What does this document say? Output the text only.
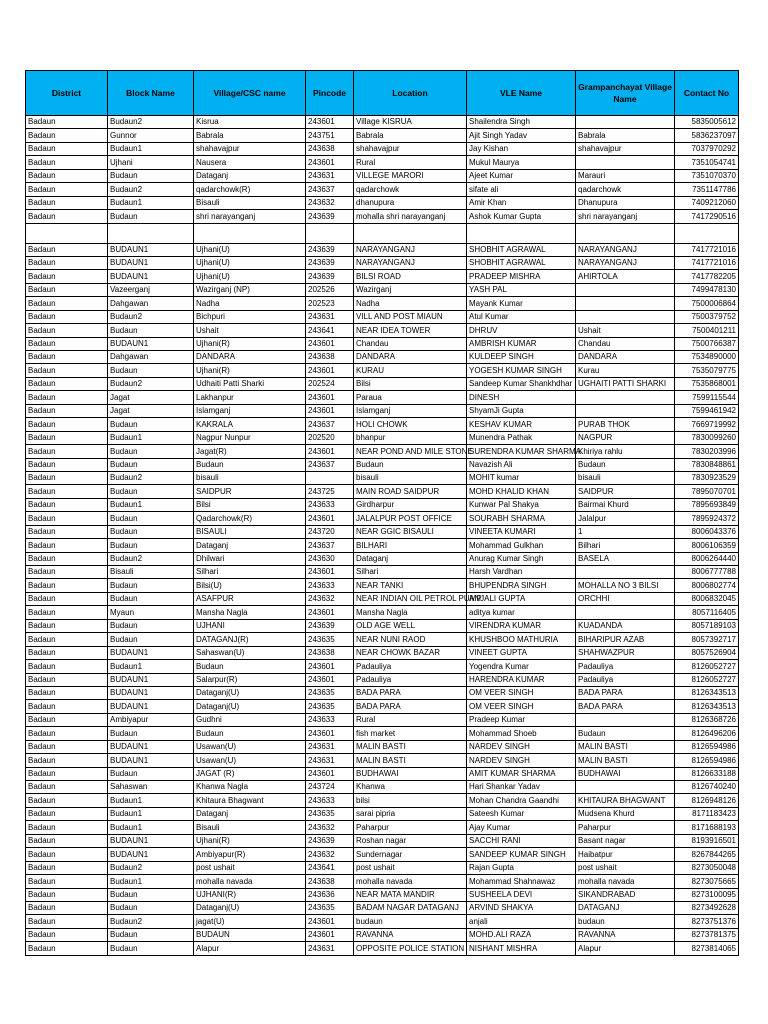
District	Block Name	Village/CSC name	Pincode	Location	VLE Name	Grampanchayat Village Name	Contact No
Badaun	Budaun2	Kisrua	243601	Village KISRUA	Shailendra Singh		5835005612
Badaun	Gunnor	Babrala	243751	Babrala	Ajit Singh Yadav	Babrala	5836237097
Badaun	Budaun1	shahavajpur	243638	shahavajpur	Jay Kishan	shahavajpur	7037970292
Badaun	Ujhani	Nausera	243601	Rural	Mukul Maurya		7351054741
Badaun	Budaun	Dataganj	243631	VILLEGE MARORI	Ajeet Kumar	Marauri	7351070370
Badaun	Budaun2	qadarchowk(R)	243637	qadarchowk	sifate ali	qadarchowk	7351147786
Badaun	Budaun1	Bisauli	243632	dhanupura	Amir Khan	Dhanupura	7409212060
Badaun	Budaun	shri narayanganj	243639	mohalla shri narayanganj	Ashok Kumar Gupta	shri narayanganj	7417290516

Badaun	BUDAUN1	Ujhani(U)	243639	NARAYANGANJ	SHOBHIT AGRAWAL	NARAYANGANJ	7417721016
Badaun	BUDAUN1	Ujhani(U)	243639	NARAYANGANJ	SHOBHIT AGRAWAL	NARAYANGANJ	7417721016
Badaun	BUDAUN1	Ujhani(U)	243639	BILSI ROAD	PRADEEP MISHRA	AHIRTOLA	7417782205
Badaun	Vazeerganj	Wazirganj (NP)	202526	Wazirganj	YASH PAL		7499478130
Badaun	Dahgawan	Nadha	202523	Nadha	Mayank Kumar		7500006864
Badaun	Budaun2	Bichpuri	243631	VILL AND POST MIAUN	Atul Kumar		7500379752
Badaun	Budaun	Ushait	243641	NEAR IDEA TOWER	DHRUV	Ushait	7500401211
Badaun	BUDAUN1	Ujhani(R)	243601	Chandau	AMBRISH KUMAR	Chandau	7500766387
Badaun	Dahgawan	DANDARA	243638	DANDARA	KULDEEP SINGH	DANDARA	7534890000
Badaun	Budaun	Ujhani(R)	243601	KURAU	YOGESH KUMAR SINGH	Kurau	7535079775
Badaun	Budaun2	Udhaiti Patti Sharki	202524	Bilsi	Sandeep Kumar Shankhdhar	UGHAITI PATTI SHARKI	7535868001
Badaun	Jagat	Lakhanpur	243601	Paraua	DINESH		7599115544
Badaun	Jagat	Islamganj	243601	Islamganj	ShyamJi Gupta		7599461942
Badaun	Budaun	KAKRALA	243637	HOLI CHOWK	KESHAV KUMAR	PURAB THOK	7669719992
Badaun	Budaun1	Nagpur Nunpur	202520	bhanpur	Munendra Pathak	NAGPUR	7830099260
Badaun	Budaun	Jagat(R)	243601	NEAR POND AND MILE STONE	SURENDRA KUMAR SHARMA	Khiriya rahlu	7830203996
Badaun	Budaun	Budaun	243637	Budaun	Navazish Ali	Budaun	7830848861
Badaun	Budaun2	bisauli		bisauli	MOHIT kumar	bisauli	7830923529
Badaun	Budaun	SAIDPUR	243725	MAIN ROAD SAIDPUR	MOHD KHALID KHAN	SAIDPUR	7895070701
Badaun	Budaun1	Bilsi	243633	Girdharpur	Kunwar Pal Shakya	Bairmai Khurd	7895693849
Badaun	Budaun	Qadarchowk(R)	243601	JALALPUR POST OFFICE	SOURABH SHARMA	Jalalpur	7895924372
Badaun	Budaun	BISAULI	243720	NEAR GGIC BISAULI	VINEETA KUMARI	1	8006043376
Badaun	Budaun	Dataganj	243637	BILHARI	Mohammad Gulkhan	Bilhari	8006106359
Badaun	Budaun2	Dhilwari	243630	Dataganj	Anurag Kumar Singh	BASELA	8006264440
Badaun	Bisauli	Silhari	243601	Silhari	Harsh Vardhan		8006777788
Badaun	Budaun	Bilsi(U)	243633	NEAR TANKI	BHUPENDRA SINGH	MOHALLA NO 3 BILSI	8006802774
Badaun	Budaun	ASAFPUR	243632	NEAR INDIAN OIL PETROL PUMP	ANJALI GUPTA	ORCHHI	8006832045
Badaun	Myaun	Mansha Nagla	243601	Mansha Nagla	aditya kumar		8057116405
Badaun	Budaun	UJHANI	243639	OLD AGE WELL	VIRENDRA KUMAR	KUADANDA	8057189103
Badaun	Budaun	DATAGANJ(R)	243635	NEAR NUNI RAOD	KHUSHBOO MATHURIA	BIHARIPUR AZAB	8057392717
Badaun	BUDAUN1	Sahaswan(U)	243638	NEAR CHOWK BAZAR	VINEET GUPTA	SHAHWAZPUR	8057526904
Badaun	Budaun1	Budaun	243601	Padauliya	Yogendra Kumar	Padauliya	8126052727
Badaun	BUDAUN1	Salarpur(R)	243601	Padauliya	HARENDRA KUMAR	Padauliya	8126052727
Badaun	BUDAUN1	Dataganj(U)	243635	BADA PARA	OM VEER SINGH	BADA PARA	8126343513
Badaun	BUDAUN1	Dataganj(U)	243635	BADA PARA	OM VEER SINGH	BADA PARA	8126343513
Badaun	Ambiyapur	Gudhni	243633	Rural	Pradeep Kumar		8126368726
Badaun	Budaun	Budaun	243601	fish market	Mohammad Shoeb	Budaun	8126496206
Badaun	BUDAUN1	Usawan(U)	243631	MALIN BASTI	NARDEV SINGH	MALIN BASTI	8126594986
Badaun	BUDAUN1	Usawan(U)	243631	MALIN BASTI	NARDEV SINGH	MALIN BASTI	8126594986
Badaun	Budaun	JAGAT (R)	243601	BUDHAWAI	AMIT KUMAR SHARMA	BUDHAWAI	8126633188
Badaun	Sahaswan	Khanwa Nagla	243724	Khanwa	Hari Shankar Yadav		8126740240
Badaun	Budaun1	Khitaura Bhagwant	243633	bilsi	Mohan Chandra Gaandhi	KHITAURA BHAGWANT	8126948126
Badaun	Budaun1	Dataganj	243635	sarai pipria	Sateesh Kumar	Mudsena Khurd	8171183423
Badaun	Budaun1	Bisauli	243632	Paharpur	Ajay Kumar	Paharpur	8171688193
Badaun	BUDAUN1	Ujhani(R)	243639	Roshan nagar	SACCHI RANI	Basant nagar	8193916501
Badaun	BUDAUN1	Ambiyapur(R)	243632	Sundernagar	SANDEEP KUMAR SINGH	Haibatpur	8267844265
Badaun	Budaun2	post ushait	243641	post ushait	Rajan Gupta	post ushait	8273050048
Badaun	Budaun1	mohalla navada	243638	mohalla navada	Mohammad Shahnawaz	mohalla navada	8273075665
Badaun	Budaun	UJHANI(R)	243636	NEAR MATA MANDIR	SUSHEELA DEVI	SIKANDRABAD	8273100095
Badaun	Budaun	Dataganj(U)	243635	BADAM NAGAR DATAGANJ	ARVIND SHAKYA	DATAGANJ	8273492628
Badaun	Budaun2	jagat(U)	243601	budaun	anjali	budaun	8273751376
Badaun	Budaun	BUDAUN	243601	RAVANNA	MOHD.ALI RAZA	RAVANNA	8273781375
Badaun	Budaun	Alapur	243631	OPPOSITE POLICE STATION	NISHANT MISHRA	Alapur	8273814065
